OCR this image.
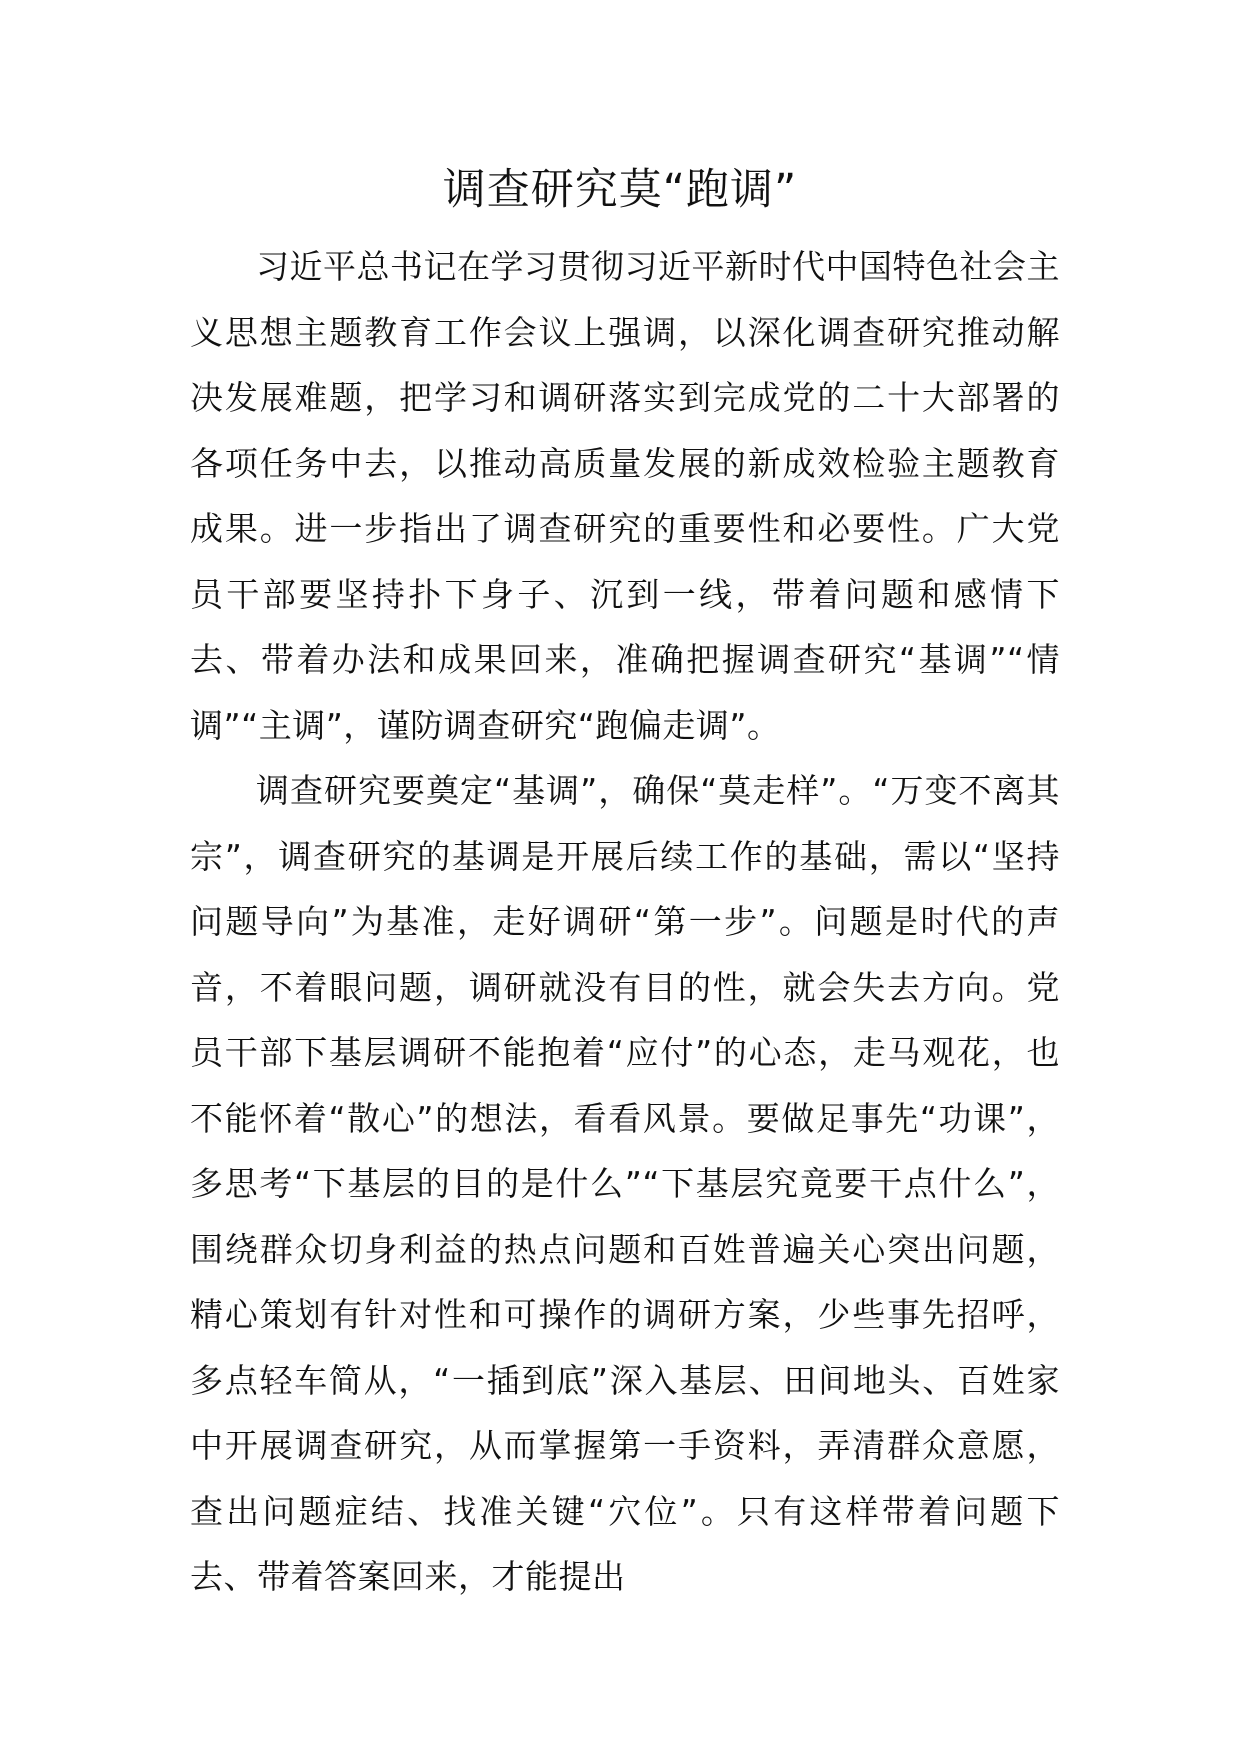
调查研究莫“跑调”

习近平总书记在学习贯彻习近平新时代中国特色社会主义思想主题教育工作会议上强调，以深化调查研究推动解决发展难题，把学习和调研落实到完成党的二十大部署的各项任务中去，以推动高质量发展的新成效检验主题教育成果。进一步指出了调查研究的重要性和必要性。广大党员干部要坚持扑下身子、沉到一线，带着问题和感情下去、带着办法和成果回来，准确把握调查研究“基调”“情调”“主调”，谨防调查研究“跑偏走调”。

调查研究要奠定“基调”，确保“莫走样”。“万变不离其宗”，调查研究的基调是开展后续工作的基础，需以“坚持问题导向”为基准，走好调研“第一步”。问题是时代的声音，不着眼问题，调研就没有目的性，就会失去方向。党员干部下基层调研不能抱着“应付”的心态，走马观花，也不能怀着“散心”的想法，看看风景。要做足事先“功课”，多思考“下基层的目的是什么”“下基层究竟要干点什么”，围绕群众切身利益的热点问题和百姓普遍关心突出问题，精心策划有针对性和可操作的调研方案，少些事先招呼，多点轻车简从，“一插到底”深入基层、田间地头、百姓家中开展调查研究，从而掌握第一手资料，弄清群众意愿，查出问题症结、找准关键“穴位”。只有这样带着问题下去、带着答案回来，才能提出
